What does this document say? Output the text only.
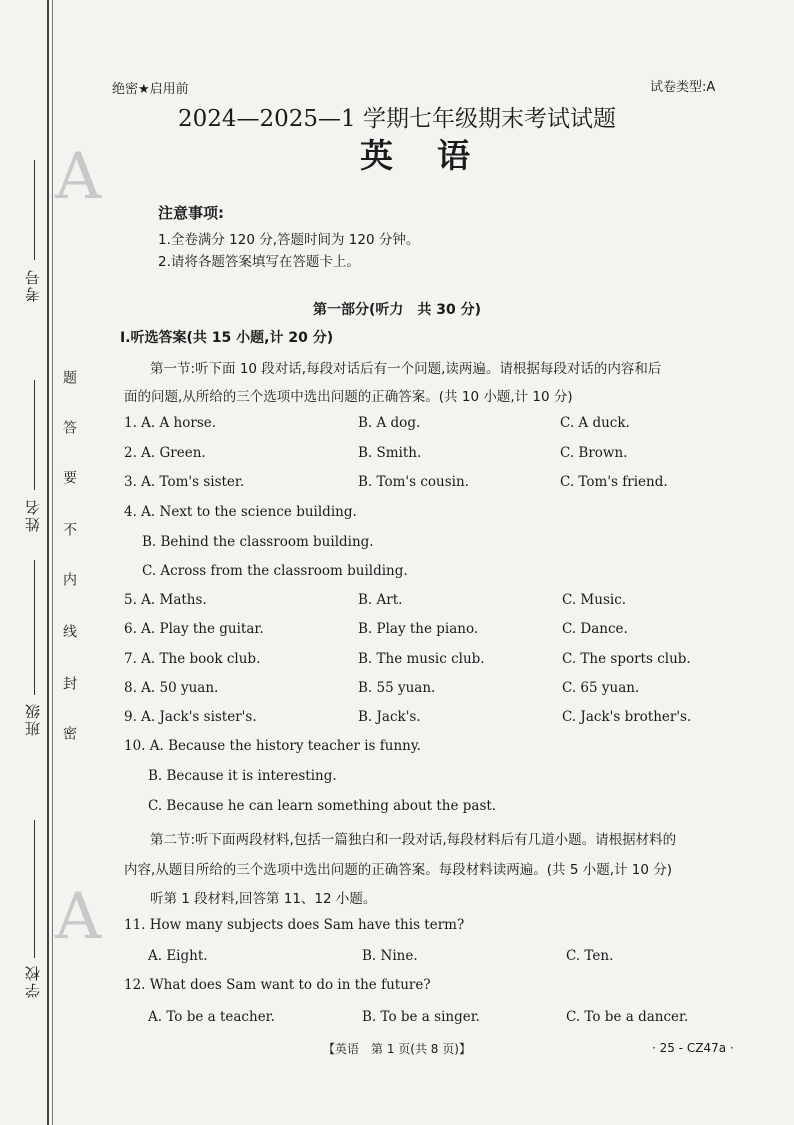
A
A
考号
姓名
班级
学校
题
答
要
不
内
线
封
密
绝密★启用前	试卷类型:A
2024—2025—1 学期七年级期末考试试题
英语
注意事项:
1.全卷满分 120 分,答题时间为 120 分钟。
2.请将各题答案填写在答题卡上。
第一部分(听力　共 30 分)
Ⅰ.听选答案(共 15 小题,计 20 分)
第一节:听下面 10 段对话,每段对话后有一个问题,读两遍。请根据每段对话的内容和后
面的问题,从所给的三个选项中选出问题的正确答案。(共 10 小题,计 10 分)
1. A. A horse.	B. A dog.	C. A duck.
2. A. Green.	B. Smith.	C. Brown.
3. A. Tom's sister.	B. Tom's cousin.	C. Tom's friend.
4. A. Next to the science building.
B. Behind the classroom building.
C. Across from the classroom building.
5. A. Maths.	B. Art.	C. Music.
6. A. Play the guitar.	B. Play the piano.	C. Dance.
7. A. The book club.	B. The music club.	C. The sports club.
8. A. 50 yuan.	B. 55 yuan.	C. 65 yuan.
9. A. Jack's sister's.	B. Jack's.	C. Jack's brother's.
10. A. Because the history teacher is funny.
B. Because it is interesting.
C. Because he can learn something about the past.
第二节:听下面两段材料,包括一篇独白和一段对话,每段材料后有几道小题。请根据材料的
内容,从题目所给的三个选项中选出问题的正确答案。每段材料读两遍。(共 5 小题,计 10 分)
听第 1 段材料,回答第 11、12 小题。
11. How many subjects does Sam have this term?
A. Eight.	B. Nine.	C. Ten.
12. What does Sam want to do in the future?
A. To be a teacher.	B. To be a singer.	C. To be a dancer.
【英语　第 1 页(共 8 页)】	· 25 - CZ47a ·
